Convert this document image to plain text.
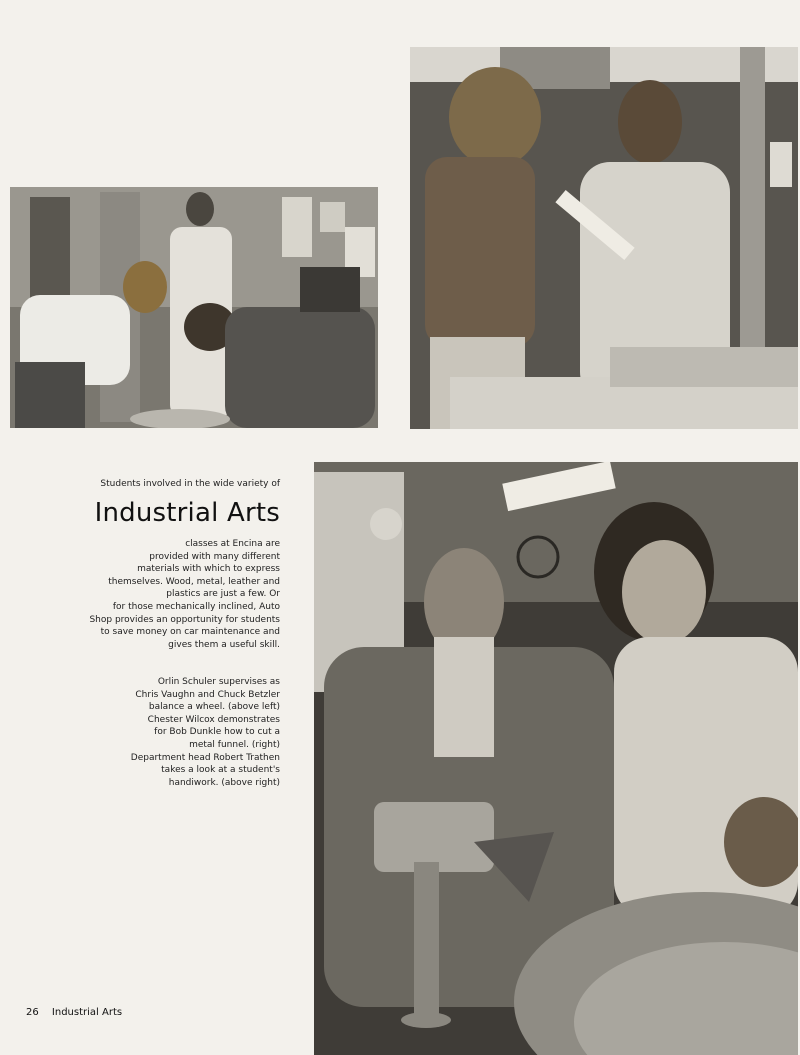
Students involved in the wide variety of
Industrial Arts
classes at Encina are
provided with many different
materials with which to express
themselves. Wood, metal, leather and
plastics are just a few. Or
for those mechanically inclined, Auto
Shop provides an opportunity for students
to save money on car maintenance and
gives them a useful skill.
Orlin Schuler supervises as
Chris Vaughn and Chuck Betzler
balance a wheel. (above left)
Chester Wilcox demonstrates
for Bob Dunkle how to cut a
metal funnel. (right)
Department head Robert Trathen
takes a look at a student's
handiwork. (above right)
26 Industrial Arts
